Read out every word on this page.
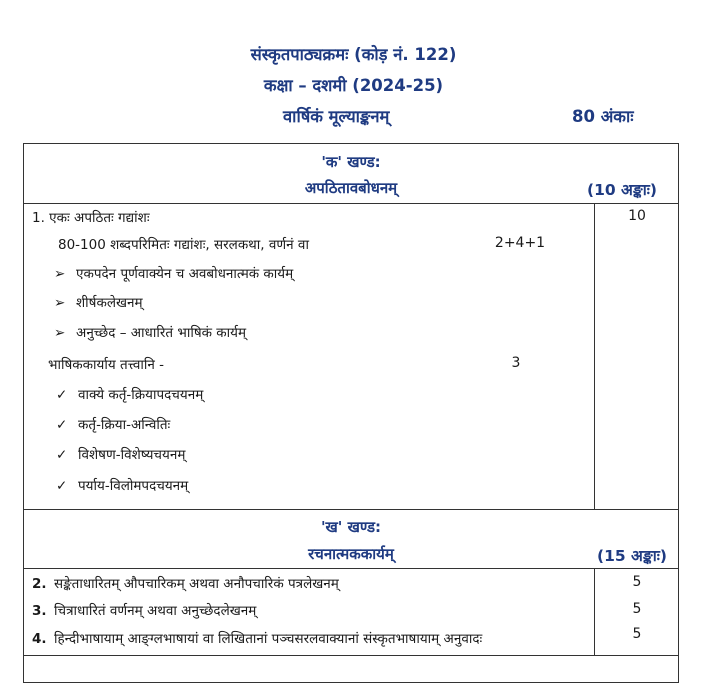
संस्कृतपाठ्यक्रमः (कोड़ नं. 122)
कक्षा – दशमी (2024-25)
वार्षिकं मूल्याङ्कनम्	80 अंकाः
'क' खण्ड:
अपठितावबोधनम्	(10 अङ्काः)
1. एकः अपठितः गद्यांशः	10
80-100 शब्दपरिमितः गद्यांशः, सरलकथा, वर्णनं वा	2+4+1
➢ एकपदेन पूर्णवाक्येन च अवबोधनात्मकं कार्यम्
➢ शीर्षकलेखनम्
➢ अनुच्छेद – आधारितं भाषिकं कार्यम्
भाषिककार्याय तत्त्वानि -	3
✓ वाक्ये कर्तृ-क्रियापदचयनम्
✓ कर्तृ-क्रिया-अन्वितिः
✓ विशेषण-विशेष्यचयनम्
✓ पर्याय-विलोमपदचयनम्
'ख' खण्ड:
रचनात्मककार्यम्	(15 अङ्काः)
2. सङ्केताधारितम् औपचारिकम् अथवा अनौपचारिकं पत्रलेखनम्	5
3. चित्राधारितं वर्णनम् अथवा अनुच्छेदलेखनम्	5
4. हिन्दीभाषायाम् आङ्ग्लभाषायां वा लिखितानां पञ्चसरलवाक्यानां संस्कृतभाषायाम् अनुवादः	5
